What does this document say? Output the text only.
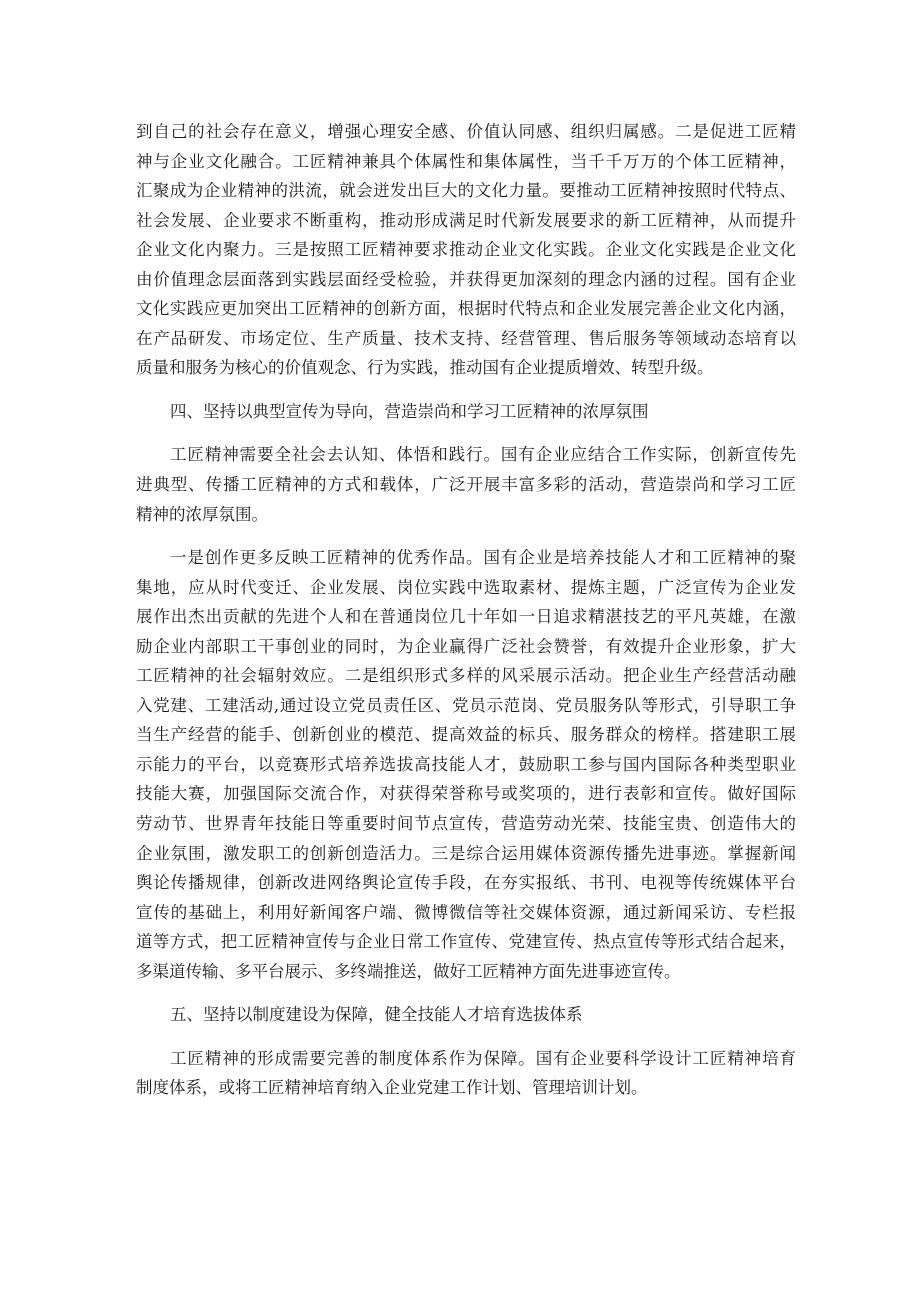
到自己的社会存在意义，增强心理安全感、价值认同感、组织归属感。二是促进工匠精
神与企业文化融合。工匠精神兼具个体属性和集体属性，当千千万万的个体工匠精神，
汇聚成为企业精神的洪流，就会迸发出巨大的文化力量。要推动工匠精神按照时代特点、
社会发展、企业要求不断重构，推动形成满足时代新发展要求的新工匠精神，从而提升
企业文化内聚力。三是按照工匠精神要求推动企业文化实践。企业文化实践是企业文化
由价值理念层面落到实践层面经受检验，并获得更加深刻的理念内涵的过程。国有企业
文化实践应更加突出工匠精神的创新方面，根据时代特点和企业发展完善企业文化内涵，
在产品研发、市场定位、生产质量、技术支持、经营管理、售后服务等领域动态培育以
质量和服务为核心的价值观念、行为实践，推动国有企业提质增效、转型升级。
四、坚持以典型宣传为导向，营造崇尚和学习工匠精神的浓厚氛围
工匠精神需要全社会去认知、体悟和践行。国有企业应结合工作实际，创新宣传先
进典型、传播工匠精神的方式和载体，广泛开展丰富多彩的活动，营造崇尚和学习工匠
精神的浓厚氛围。
一是创作更多反映工匠精神的优秀作品。国有企业是培养技能人才和工匠精神的聚
集地，应从时代变迁、企业发展、岗位实践中选取素材、提炼主题，广泛宣传为企业发
展作出杰出贡献的先进个人和在普通岗位几十年如一日追求精湛技艺的平凡英雄，在激
励企业内部职工干事创业的同时，为企业赢得广泛社会赞誉，有效提升企业形象，扩大
工匠精神的社会辐射效应。二是组织形式多样的风采展示活动。把企业生产经营活动融
入党建、工建活动,通过设立党员责任区、党员示范岗、党员服务队等形式，引导职工争
当生产经营的能手、创新创业的模范、提高效益的标兵、服务群众的榜样。搭建职工展
示能力的平台，以竞赛形式培养选拔高技能人才，鼓励职工参与国内国际各种类型职业
技能大赛，加强国际交流合作，对获得荣誉称号或奖项的，进行表彰和宣传。做好国际
劳动节、世界青年技能日等重要时间节点宣传，营造劳动光荣、技能宝贵、创造伟大的
企业氛围，激发职工的创新创造活力。三是综合运用媒体资源传播先进事迹。掌握新闻
舆论传播规律，创新改进网络舆论宣传手段，在夯实报纸、书刊、电视等传统媒体平台
宣传的基础上，利用好新闻客户端、微博微信等社交媒体资源，通过新闻采访、专栏报
道等方式，把工匠精神宣传与企业日常工作宣传、党建宣传、热点宣传等形式结合起来，
多渠道传输、多平台展示、多终端推送，做好工匠精神方面先进事迹宣传。
五、坚持以制度建设为保障，健全技能人才培育选拔体系
工匠精神的形成需要完善的制度体系作为保障。国有企业要科学设计工匠精神培育
制度体系，或将工匠精神培育纳入企业党建工作计划、管理培训计划。
